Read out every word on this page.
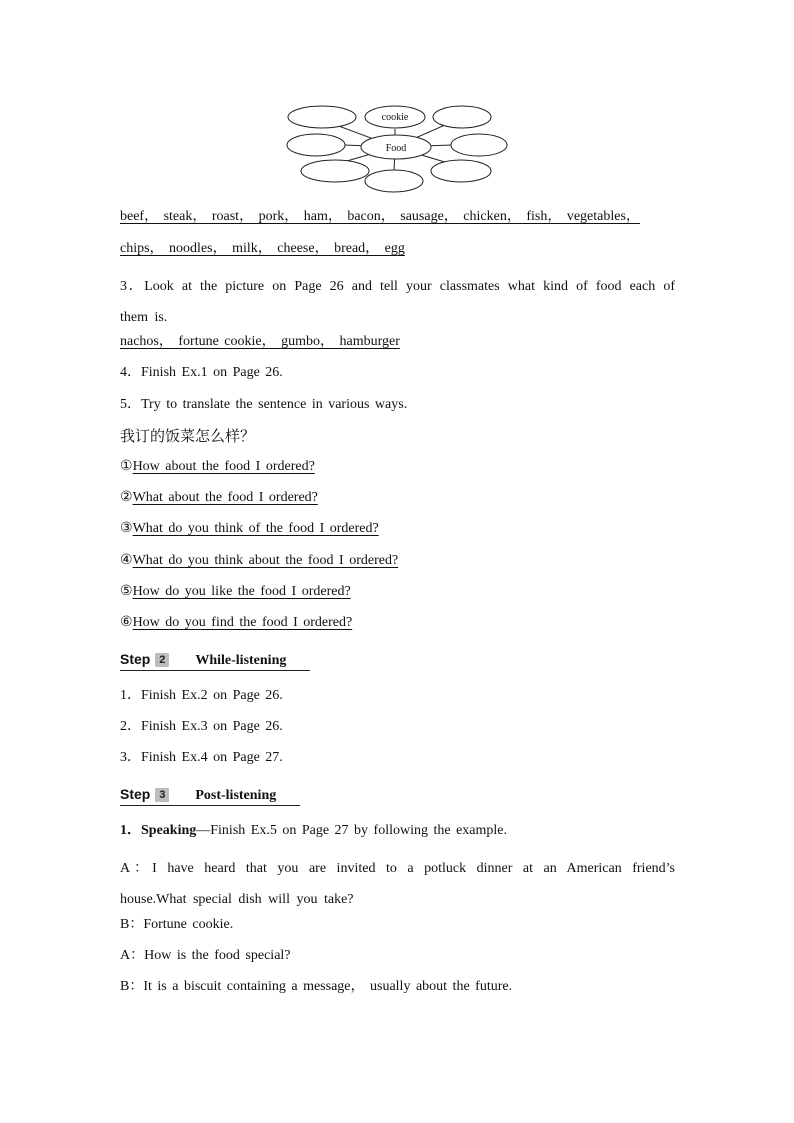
cookie
Food
beef， steak， roast， pork， ham， bacon， sausage， chicken， fish， vegetables，
chips， noodles， milk， cheese， bread， egg
3．Look at the picture on Page 26 and tell your classmates what kind of food each of them is.
nachos， fortune cookie， gumbo， hamburger
4．Finish Ex.1 on Page 26.
5．Try to translate the sentence in various ways.
我订的饭菜怎么样？
①How about the food I ordered?
②What about the food I ordered?
③What do you think of the food I ordered?
④What do you think about the food I ordered?
⑤How do you like the food I ordered?
⑥How do you find the food I ordered?
Step 2 While-listening
1．Finish Ex.2 on Page 26.
2．Finish Ex.3 on Page 26.
3．Finish Ex.4 on Page 27.
Step 3 Post-listening
1．Speaking—Finish Ex.5 on Page 27 by following the example.
A：I have heard that you are invited to a potluck dinner at an American friend’s house.What special dish will you take?
B：Fortune cookie.
A：How is the food special?
B：It is a biscuit containing a message， usually about the future.
